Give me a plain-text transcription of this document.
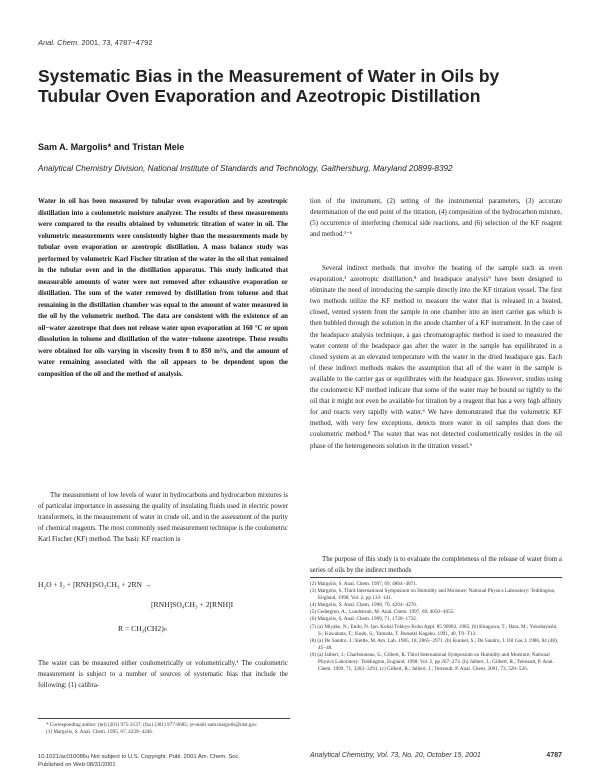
Anal. Chem. 2001, 73, 4787−4792
Systematic Bias in the Measurement of Water in Oils by Tubular Oven Evaporation and Azeotropic Distillation
Sam A. Margolis* and Tristan Mele
Analytical Chemistry Division, National Institute of Standards and Technology, Gaithersburg, Maryland 20899-8392
Water in oil has been measured by tubular oven evaporation and by azeotropic distillation into a coulometric moisture analyzer. The results of these measurements were compared to the results obtained by volumetric titration of water in oil. The volumetric measurements were consistently higher than the measurements made by tubular oven evaporation or azeotropic distillation. A mass balance study was performed by volumetric Karl Fischer titration of the water in the oil that remained in the tubular oven and in the distillation apparatus. This study indicated that measurable amounts of water were not removed after exhaustive evaporation or distillation. The sum of the water removed by distillation from toluene and that remaining in the distillation chamber was equal to the amount of water measured in the oil by the volumetric method. The data are consistent with the existence of an oil−water azeotrope that does not release water upon evaporation at 160 °C or upon dissolution in toluene and distillation of the water−toluene azeotrope. These results were obtained for oils varying in viscosity from 8 to 850 m²/s, and the amount of water remaining associated with the oil appears to be dependent upon the composition of the oil and the method of analysis.
The measurement of low levels of water in hydrocarbons and hydrocarbon mixtures is of particular importance in assessing the quality of insulating fluids used in electric power transformers, in the measurement of water in crude oil, and in the assessment of the purity of chemical reagents. The most commonly used measurement technique is the coulometric Karl Fischer (KF) method. The basic KF reaction is
H₂O + I₂ + [RNH]SO₃CH₃ + 2RN →
[RNH]SO₄CH₃ + 2[RNH]I
R = CH₃(CH2)ₙ
The water can be measured either coulometrically or volumetrically.¹ The coulometric measurement is subject to a number of sources of systematic bias that include the following: (1) calibra-

* Corresponding author: (tel) (301) 975-3137; (fax) (301) 977-0685; (e-mail) sam.margolis@nist.gov.

(1) Margolis, S. Anal. Chem. 1995, 67, 4239−4246.

10.1021/ac010086u Not subject to U.S. Copyright. Publ. 2001 Am. Chem. Soc.
Published on Web 08/31/2001
tion of the instrument, (2) setting of the instrumental parameters, (3) accurate determination of the end point of the titration, (4) composition of the hydrocarbon mixture, (5) occurrence of interfering chemical side reactions, and (6) selection of the KF reagent and method.¹⁻⁶
Several indirect methods that involve the heating of the sample such as oven evaporation,¹ azeotropic distillation,⁸ and headspace analysis⁹ have been designed to eliminate the need of introducing the sample directly into the KF titration vessel. The first two methods utilize the KF method to measure the water that is released in a heated, closed, vented system from the sample in one chamber into an inert carrier gas which is then bubbled through the solution in the anode chamber of a KF instrument. In the case of the headspace analysis technique, a gas chromatographic method is used to measured the water content of the headspace gas after the water in the sample has equilibrated in a closed system at an elevated temperature with the water in the dried headspace gas. Each of these indirect methods makes the assumption that all of the water in the sample is available to the carrier gas or equilibrates with the headspace gas. However, studies using the coulometric KF method indicate that some of the water may be bound so tightly to the oil that it might not even be available for titration by a reagent that has a very high affinity for and reacts very rapidly with water.⁶ We have demonstrated that the volumetric KF method, with very few exceptions, detects more water in oil samples than does the coulometric method.⁸ The water that was not detected coulometrically resides in the oil phase of the heterogeneous solution in the titration vessel.⁶
The purpose of this study is to evaluate the completeness of the release of water from a series of oils by the indirect methods

(2) Margolis, S. Anal. Chem. 1997, 69, 4864−4871.

(3) Margolis, S. Third International Symposium on Humidity and Moisture; National Physics Laboratory: Teddington, England, 1998; Vol. 2, pp 133−141.

(4) Margolis, S. Anal. Chem. 1998, 70, 4264−4270.

(5) Cedergren, A.; Lundstrom, M. Anal. Chem. 1997, 69, 4050−4055.

(6) Margolis, S. Anal. Chem. 1999, 71, 1728−1732.

(7) (a) Miyake, N.; Endo, N. Jpn. Kokai Tokkyo Koho Appl. 85 90983, 1985. (b) Kitagawa, T.; Hara, M.; Yokobayashi, S.; Kawabata, T.; Kodo, S.; Yamada, T. Bunseki Kagaku. 1991, 40, T9−T13.

(8) (a) De Sandro, J.; Kettle, M. Am. Lab. 1985, 18, 2865−2971. (b) Kunkel, S.; De Sandro, J. Oil Gas J. 1986, 84 (48), 45−48.

(9) (a) Jalbert, J.; Charbonneau, S.; Gilbert, R. Third International Symposium on Humidity and Moisture; National Physics Laboratory: Teddington, England, 1998; Vol. 2, pp 267−273. (b) Jalbert, J.; Gilbert, R.; Tetreault, P. Anal. Chem. 1999, 71, 3283−3291. (c) Gilbert, R.; Jalbert, J.; Tetreault, P. Anal. Chem. 2001, 73, 520−526.

Analytical Chemistry, Vol. 73, No. 20, October 15, 2001	4787
